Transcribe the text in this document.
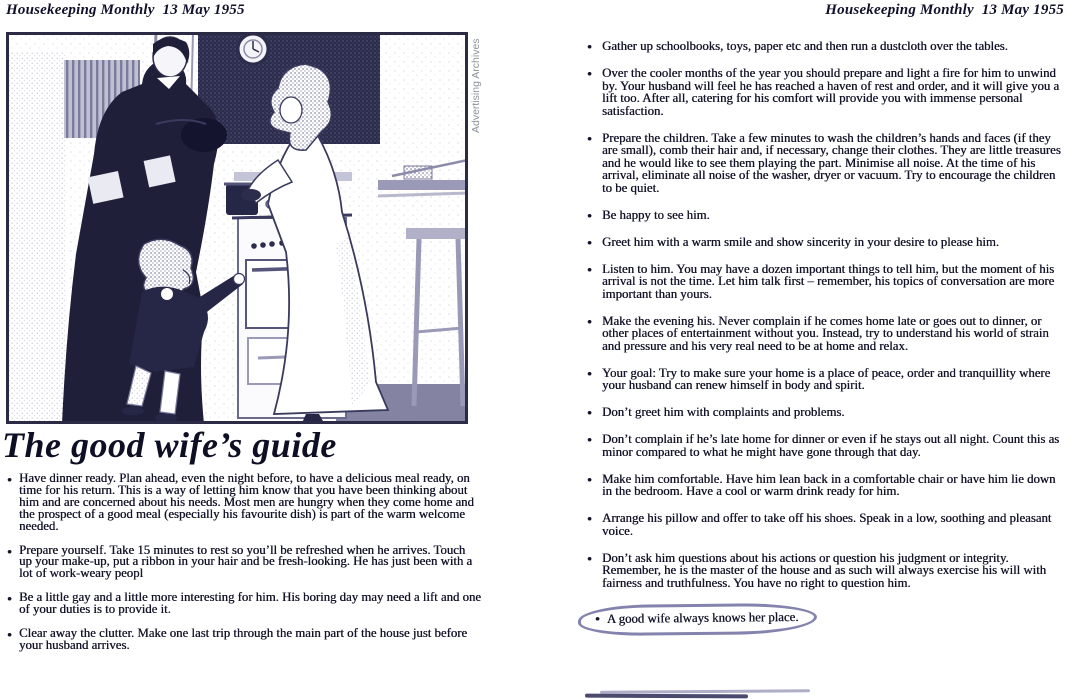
Housekeeping Monthly  13 May 1955
Advertising Archives
The good wife’s guide
● Have dinner ready. Plan ahead, even the night before, to have a delicious meal ready, on time for his return. This is a way of letting him know that you have been thinking about him and are concerned about his needs. Most men are hungry when they come home and the prospect of a good meal (especially his favourite dish) is part of the warm welcome needed.
● Prepare yourself. Take 15 minutes to rest so you’ll be refreshed when he arrives. Touch up your make-up, put a ribbon in your hair and be fresh-looking. He has just been with a lot of work-weary peopl
● Be a little gay and a little more interesting for him. His boring day may need a lift and one of your duties is to provide it.
● Clear away the clutter. Make one last trip through the main part of the house just before your husband arrives.
Housekeeping Monthly  13 May 1955
● Gather up schoolbooks, toys, paper etc and then run a dustcloth over the tables.
● Over the cooler months of the year you should prepare and light a fire for him to unwind by. Your husband will feel he has reached a haven of rest and order, and it will give you a lift too. After all, catering for his comfort will provide you with immense personal satisfaction.
● Prepare the children. Take a few minutes to wash the children’s hands and faces (if they are small), comb their hair and, if necessary, change their clothes. They are little treasures and he would like to see them playing the part. Minimise all noise. At the time of his arrival, eliminate all noise of the washer, dryer or vacuum. Try to encourage the children to be quiet.
● Be happy to see him.
● Greet him with a warm smile and show sincerity in your desire to please him.
● Listen to him. You may have a dozen important things to tell him, but the moment of his arrival is not the time. Let him talk first – remember, his topics of conversation are more important than yours.
● Make the evening his. Never complain if he comes home late or goes out to dinner, or other places of entertainment without you. Instead, try to understand his world of strain and pressure and his very real need to be at home and relax.
● Your goal: Try to make sure your home is a place of peace, order and tranquillity where your husband can renew himself in body and spirit.
● Don’t greet him with complaints and problems.
● Don’t complain if he’s late home for dinner or even if he stays out all night. Count this as minor compared to what he might have gone through that day.
● Make him comfortable. Have him lean back in a comfortable chair or have him lie down in the bedroom. Have a cool or warm drink ready for him.
● Arrange his pillow and offer to take off his shoes. Speak in a low, soothing and pleasant voice.
● Don’t ask him questions about his actions or question his judgment or integrity. Remember, he is the master of the house and as such will always exercise his will with fairness and truthfulness. You have no right to question him.
● A good wife always knows her place.
